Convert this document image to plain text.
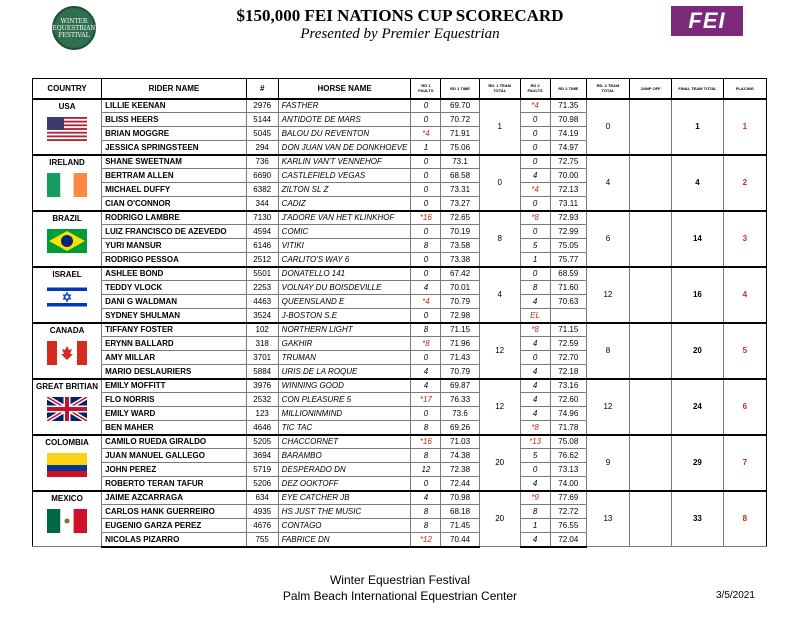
WINTER EQUESTRIAN FESTIVAL
$150,000 FEI NATIONS CUP SCORECARD
Presented by Premier Equestrian
FEI
COUNTRY	RIDER NAME	#	HORSE NAME	RD 1 FAULTS	RD 1 TIME	RD. 1 TEAM TOTAL	RD 2 FAULTS	RD 2 TIME	RD. 2 TEAM TOTAL	JUMP OFF	FINAL TEAM TOTAL	PLACING

USA	LILLIE KEENAN	2976	FASTHER	0	69.70	1	*4	71.35	0		1	1
	BLISS HEERS	5144	ANTIDOTE DE MARS	0	70.72		0	70.98				
	BRIAN MOGGRE	5045	BALOU DU REVENTON	*4	71.91		0	74.19				
	JESSICA SPRINGSTEEN	294	DON JUAN VAN DE DONKHOEVE	1	75.06		0	74.97				

IRELAND	SHANE SWEETNAM	736	KARLIN VAN'T VENNEHOF	0	73.1	0	0	72.75	4		4	2
	BERTRAM ALLEN	6690	CASTLEFIELD VEGAS	0	68.58		4	70.00				
	MICHAEL DUFFY	6382	ZILTON SL Z	0	73.31		*4	72.13				
	CIAN O'CONNOR	344	CADIZ	0	73.27		0	73.11				

BRAZIL	RODRIGO LAMBRE	7130	J'ADORE VAN HET KLINKHOF	*16	72.65	8	*8	72.93	6		14	3
	LUIZ FRANCISCO DE AZEVEDO	4594	COMIC	0	70.19		0	72.99				
	YURI MANSUR	6146	VITIKI	8	73.58		5	75.05				
	RODRIGO PESSOA	2512	CARLITO'S WAY 6	0	73.38		1	75.77				

ISRAEL	ASHLEE BOND	5501	DONATELLO 141	0	67.42	4	0	68.59	12		16	4
	TEDDY VLOCK	2253	VOLNAY DU BOISDEVILLE	4	70.01		8	71.60				
	DANI G WALDMAN	4463	QUEENSLAND E	*4	70.79		4	70.63				
	SYDNEY SHULMAN	3524	J-BOSTON S.E	0	72.98		EL					

CANADA	TIFFANY FOSTER	102	NORTHERN LIGHT	8	71.15	12	*8	71.15	8		20	5
	ERYNN BALLARD	318	GAKHIR	*8	71.96		4	72.59				
	AMY MILLAR	3701	TRUMAN	0	71.43		0	72.70				
	MARIO DESLAURIERS	5884	URIS DE LA ROQUE	4	70.79		4	72.18				

GREAT BRITIAN	EMILY MOFFITT	3976	WINNING GOOD	4	69.87	12	4	73.16	12		24	6
	FLO NORRIS	2532	CON PLEASURE 5	*17	76.33		4	72.60				
	EMILY WARD	123	MILLIONINMIND	0	73.6		4	74.96				
	BEN MAHER	4646	TIC TAC	8	69.26		*8	71.78				

COLOMBIA	CAMILO RUEDA GIRALDO	5205	CHACCORNET	*16	71.03	20	*13	75.08	9		29	7
	JUAN MANUEL GALLEGO	3694	BARAMBO	8	74.38		5	76.62				
	JOHN PEREZ	5719	DESPERADO DN	12	72.38		0	73.13				
	ROBERTO TERAN TAFUR	5206	DEZ OOKTOFF	0	72.44		4	74.00				

MEXICO	JAIME AZCARRAGA	634	EYE CATCHER JB	4	70.98	20	*9	77.69	13		33	8
	CARLOS HANK GUERREIRO	4935	HS JUST THE MUSIC	8	68.18		8	72.72				
	EUGENIO GARZA PEREZ	4676	CONTAGO	8	71.45		1	76.55				
	NICOLAS PIZARRO	755	FABRICE DN	*12	70.44		4	72.04				
Winter Equestrian Festival
Palm Beach International Equestrian Center	3/5/2021
